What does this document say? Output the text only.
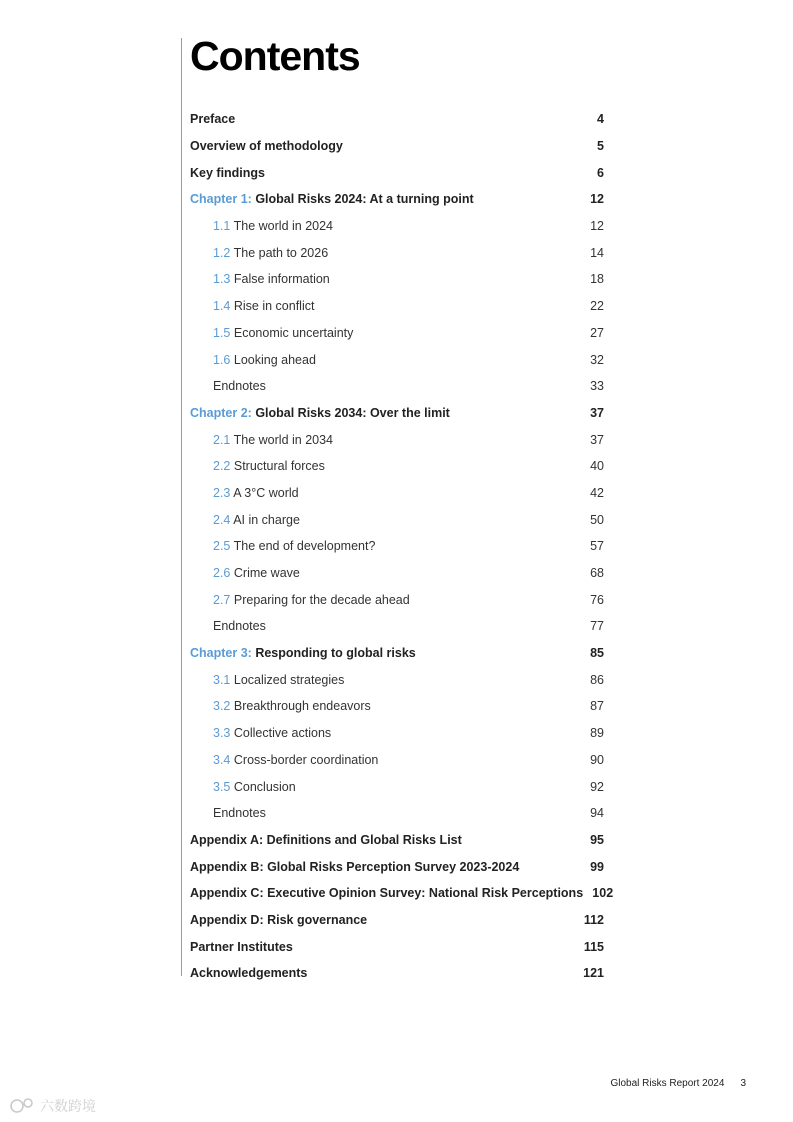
Contents
Preface	4
Overview of methodology	5
Key findings	6
Chapter 1: Global Risks 2024: At a turning point	12
1.1 The world in 2024	12
1.2 The path to 2026	14
1.3 False information	18
1.4 Rise in conflict	22
1.5 Economic uncertainty	27
1.6 Looking ahead	32
Endnotes	33
Chapter 2: Global Risks 2034: Over the limit	37
2.1 The world in 2034	37
2.2 Structural forces	40
2.3 A 3°C world	42
2.4 AI in charge	50
2.5 The end of development?	57
2.6 Crime wave	68
2.7 Preparing for the decade ahead	76
Endnotes	77
Chapter 3: Responding to global risks	85
3.1 Localized strategies	86
3.2 Breakthrough endeavors	87
3.3 Collective actions	89
3.4 Cross-border coordination	90
3.5 Conclusion	92
Endnotes	94
Appendix A: Definitions and Global Risks List	95
Appendix B: Global Risks Perception Survey 2023-2024	99
Appendix C: Executive Opinion Survey: National Risk Perceptions 102
Appendix D: Risk governance	112
Partner Institutes	115
Acknowledgements	121
Global Risks Report 2024 3
六数跨境
